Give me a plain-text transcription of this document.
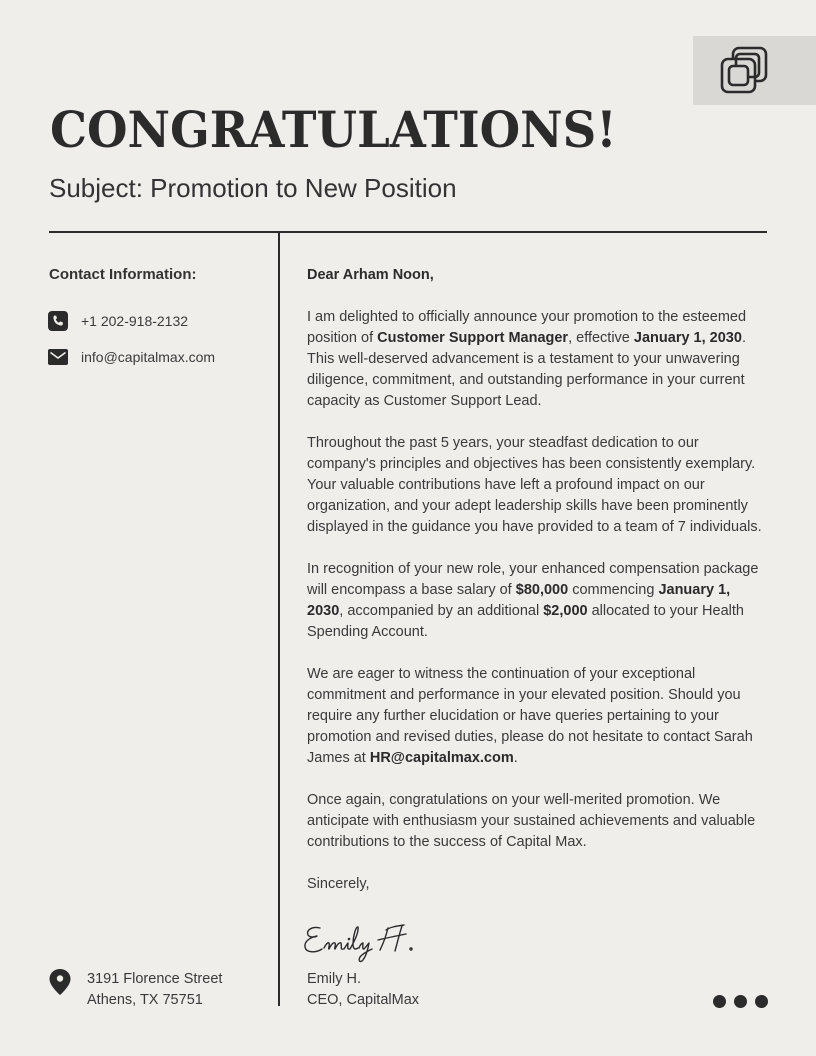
CONGRATULATIONS!
Subject: Promotion to New Position
Contact Information:
+1 202-918-2132
info@capitalmax.com
3191 Florence Street
Athens, TX 75751

Dear Arham Noon,

I am delighted to officially announce your promotion to the esteemed position of Customer Support Manager, effective January 1, 2030. This well-deserved advancement is a testament to your unwavering diligence, commitment, and outstanding performance in your current capacity as Customer Support Lead.

Throughout the past 5 years, your steadfast dedication to our company's principles and objectives has been consistently exemplary. Your valuable contributions have left a profound impact on our organization, and your adept leadership skills have been prominently displayed in the guidance you have provided to a team of 7 individuals.

In recognition of your new role, your enhanced compensation package will encompass a base salary of $80,000 commencing January 1, 2030, accompanied by an additional $2,000 allocated to your Health Spending Account.

We are eager to witness the continuation of your exceptional commitment and performance in your elevated position. Should you require any further elucidation or have queries pertaining to your promotion and revised duties, please do not hesitate to contact Sarah James at HR@capitalmax.com.

Once again, congratulations on your well-merited promotion. We anticipate with enthusiasm your sustained achievements and valuable contributions to the success of Capital Max.

Sincerely,

Emily H.
CEO, CapitalMax
